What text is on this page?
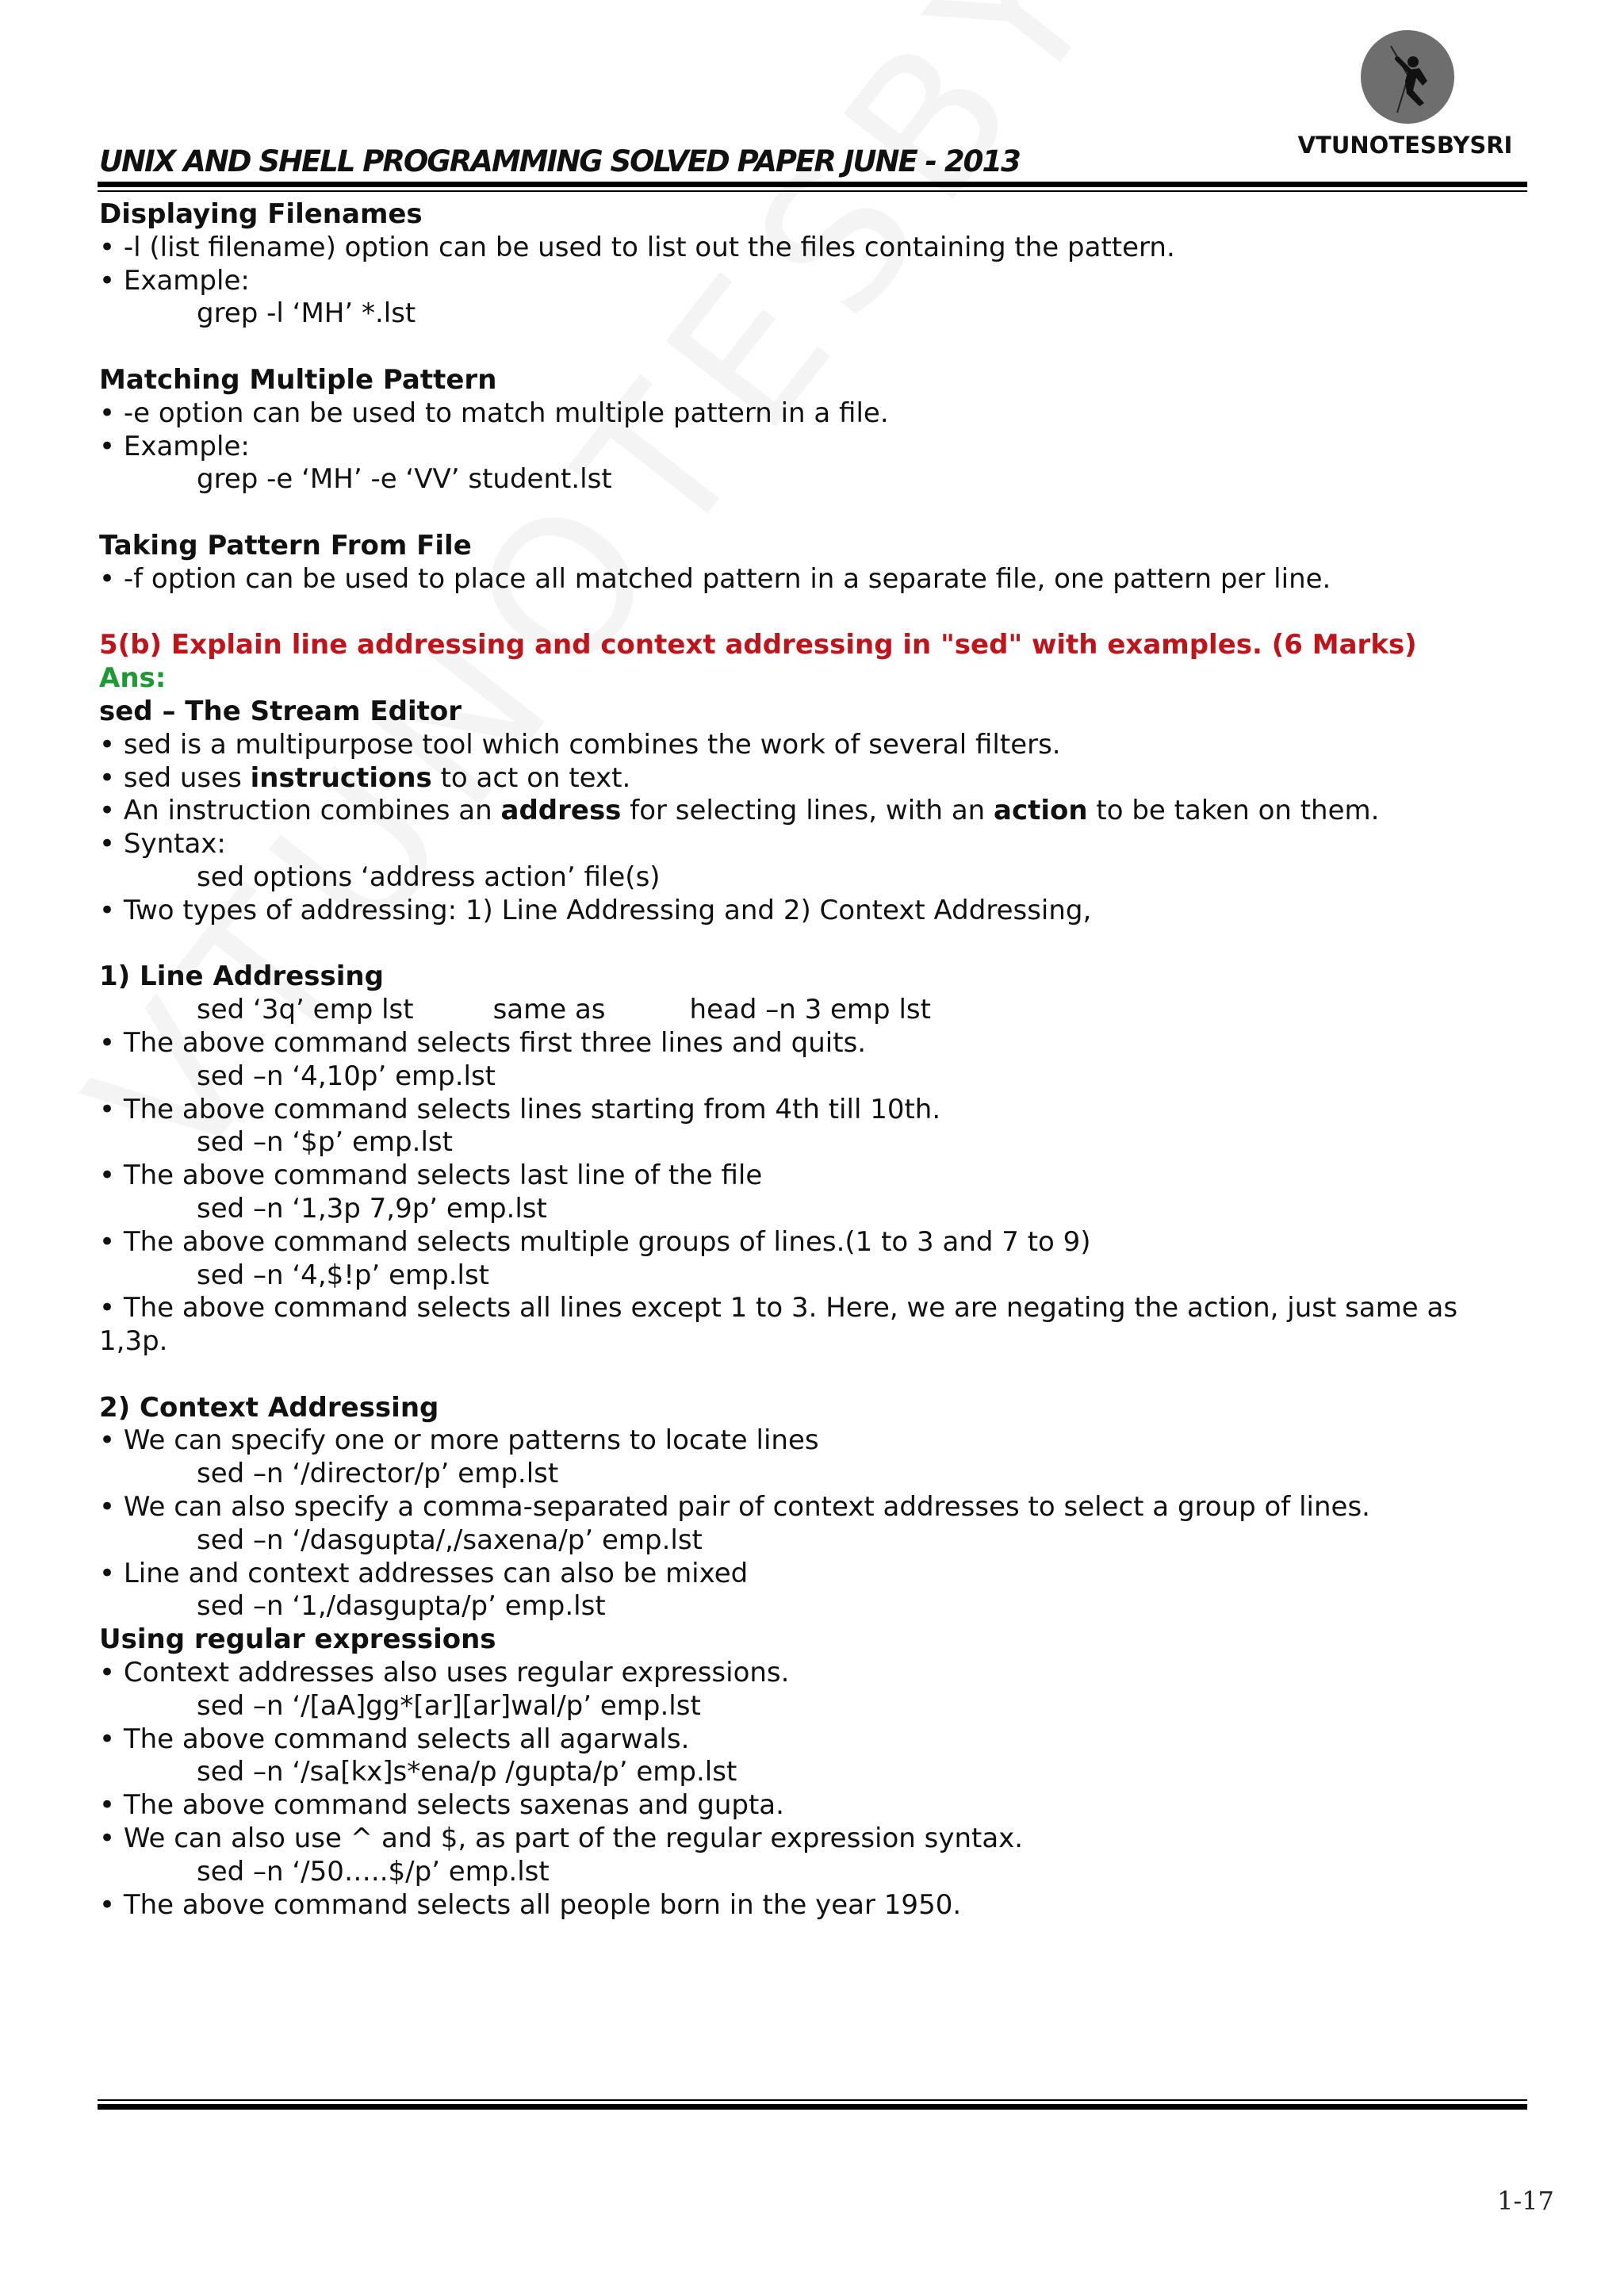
VTUNOTESBYSRI
UNIX AND SHELL PROGRAMMING SOLVED PAPER JUNE - 2013
Displaying Filenames
• -l (list filename) option can be used to list out the files containing the pattern.
• Example:
grep -l ‘MH’ *.lst
Matching Multiple Pattern
• -e option can be used to match multiple pattern in a file.
• Example:
grep -e ‘MH’ -e ‘VV’ student.lst
Taking Pattern From File
• -f option can be used to place all matched pattern in a separate file, one pattern per line.
5(b) Explain line addressing and context addressing in "sed" with examples. (6 Marks)
Ans:
sed – The Stream Editor
• sed is a multipurpose tool which combines the work of several filters.
• sed uses instructions to act on text.
• An instruction combines an address for selecting lines, with an action to be taken on them.
• Syntax:
sed options ‘address action’ file(s)
• Two types of addressing: 1) Line Addressing and 2) Context Addressing,
1) Line Addressing
sed ‘3q’ emp lst	same as	head –n 3 emp lst
• The above command selects first three lines and quits.
sed –n ‘4,10p’ emp.lst
• The above command selects lines starting from 4th till 10th.
sed –n ‘$p’ emp.lst
• The above command selects last line of the file
sed –n ‘1,3p 7,9p’ emp.lst
• The above command selects multiple groups of lines.(1 to 3 and 7 to 9)
sed –n ‘4,$!p’ emp.lst
• The above command selects all lines except 1 to 3. Here, we are negating the action, just same as
1,3p.
2) Context Addressing
• We can specify one or more patterns to locate lines
sed –n ‘/director/p’ emp.lst
• We can also specify a comma-separated pair of context addresses to select a group of lines.
sed –n ‘/dasgupta/,/saxena/p’ emp.lst
• Line and context addresses can also be mixed
sed –n ‘1,/dasgupta/p’ emp.lst
Using regular expressions
• Context addresses also uses regular expressions.
sed –n ‘/[aA]gg*[ar][ar]wal/p’ emp.lst
• The above command selects all agarwals.
sed –n ‘/sa[kx]s*ena/p /gupta/p’ emp.lst
• The above command selects saxenas and gupta.
• We can also use ^ and $, as part of the regular expression syntax.
sed –n ‘/50…..$/p’ emp.lst
• The above command selects all people born in the year 1950.
1-17
